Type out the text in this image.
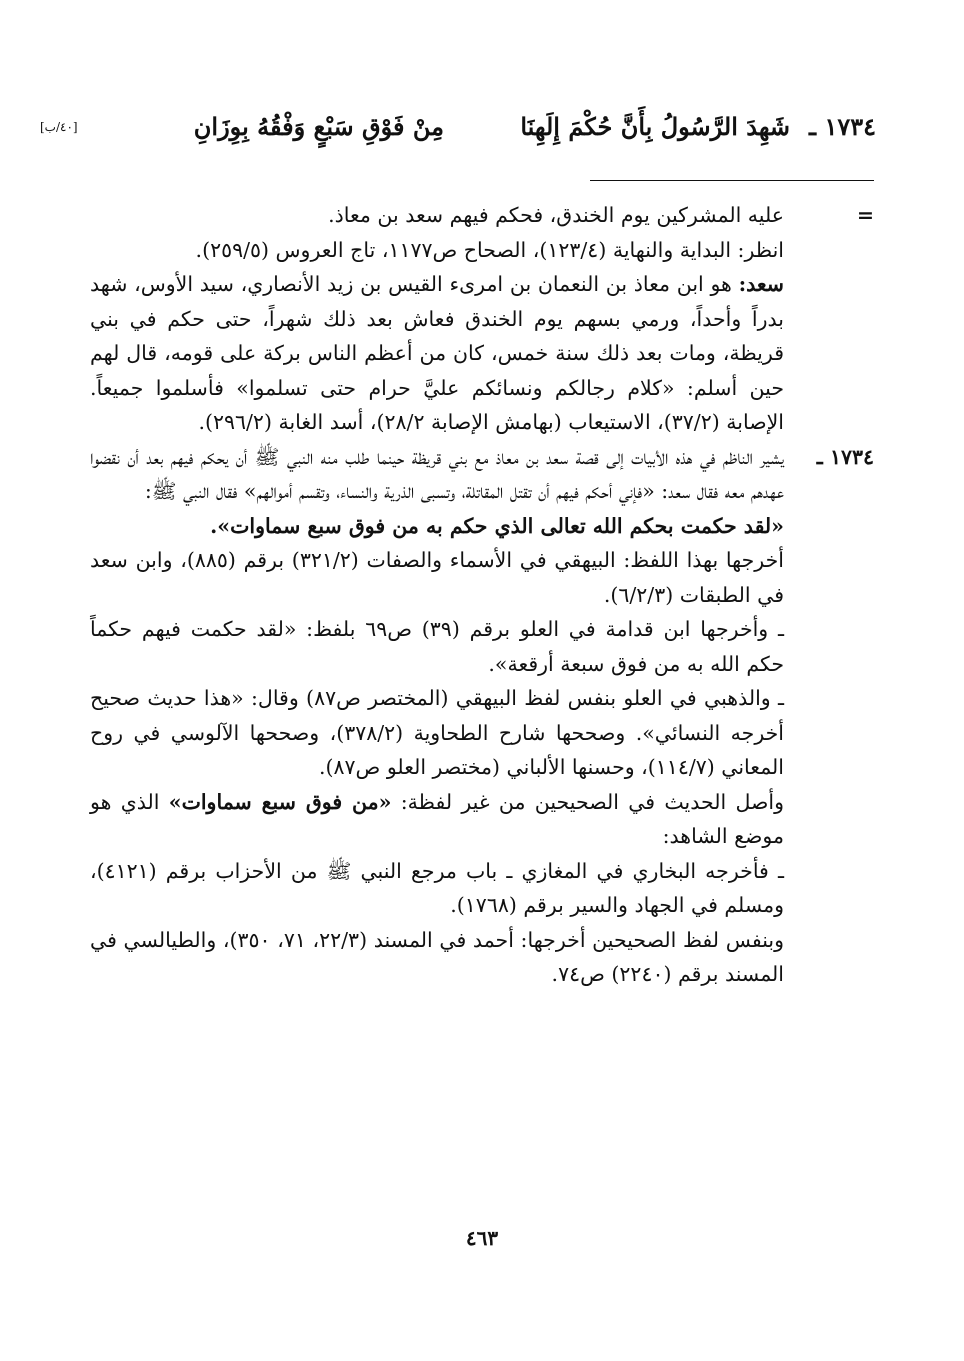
١٧٣٤ ـ
شَهِدَ الرَّسُولُ بِأَنَّ حُكْمَ إِلَهِنَا
مِنْ فَوْقِ سَبْعٍ وَفْقُهُ بِوِزَانِ
[٤٠/ب]
=

عليه المشركين يوم الخندق، فحكم فيهم سعد بن معاذ.

انظر: البداية والنهاية (١٢٣/٤)، الصحاح ص١١٧٧، تاج العروس (٢٥٩/٥).

سعد: هو ابن معاذ بن النعمان بن امرىء القيس بن زيد الأنصاري، سيد الأوس، شهد بدراً وأحداً، ورمي بسهم يوم الخندق فعاش بعد ذلك شهراً، حتى حكم في بني قريظة، ومات بعد ذلك سنة خمس، كان من أعظم الناس بركة على قومه، قال لهم حين أسلم: «كلام رجالكم ونسائكم عليَّ حرام حتى تسلموا» فأسلموا جميعاً. الإصابة (٣٧/٢)، الاستيعاب (بهامش الإصابة ٢٨/٢)، أسد الغابة (٢٩٦/٢).

١٧٣٤ ـ

يشير الناظم في هذه الأبيات إلى قصة سعد بن معاذ مع بني قريظة حينما طلب منه النبي ﷺ أن يحكم فيهم بعد أن نقضوا عهدهم معه فقال سعد: «فإني أحكم فيهم أن تقتل المقاتلة، وتسبى الذرية والنساء، وتقسم أموالهم» فقال النبي ﷺ:

«لقد حكمت بحكم الله تعالى الذي حكم به من فوق سبع سماوات».

أخرجها بهذا اللفظ: البيهقي في الأسماء والصفات (٣٢١/٢) برقم (٨٨٥)، وابن سعد في الطبقات (٦/٢/٣).

ـ وأخرجها ابن قدامة في العلو برقم (٣٩) ص٦٩ بلفظ: «لقد حكمت فيهم حكماً حكم الله به من فوق سبعة أرقعة».

ـ والذهبي في العلو بنفس لفظ البيهقي (المختصر ص٨٧) وقال: «هذا حديث صحيح أخرجه النسائي». وصححها شارح الطحاوية (٣٧٨/٢)، وصححها الآلوسي في روح المعاني (١١٤/٧)، وحسنها الألباني (مختصر العلو ص٨٧).

وأصل الحديث في الصحيحين من غير لفظة: «من فوق سبع سماوات» الذي هو موضع الشاهد:

ـ فأخرجه البخاري في المغازي ـ باب مرجع النبي ﷺ من الأحزاب برقم (٤١٢١)، ومسلم في الجهاد والسير برقم (١٧٦٨).

وبنفس لفظ الصحيحين أخرجها: أحمد في المسند (٢٢/٣، ٧١، ٣٥٠)، والطيالسي في المسند برقم (٢٢٤٠) ص٧٤.

٤٦٣
